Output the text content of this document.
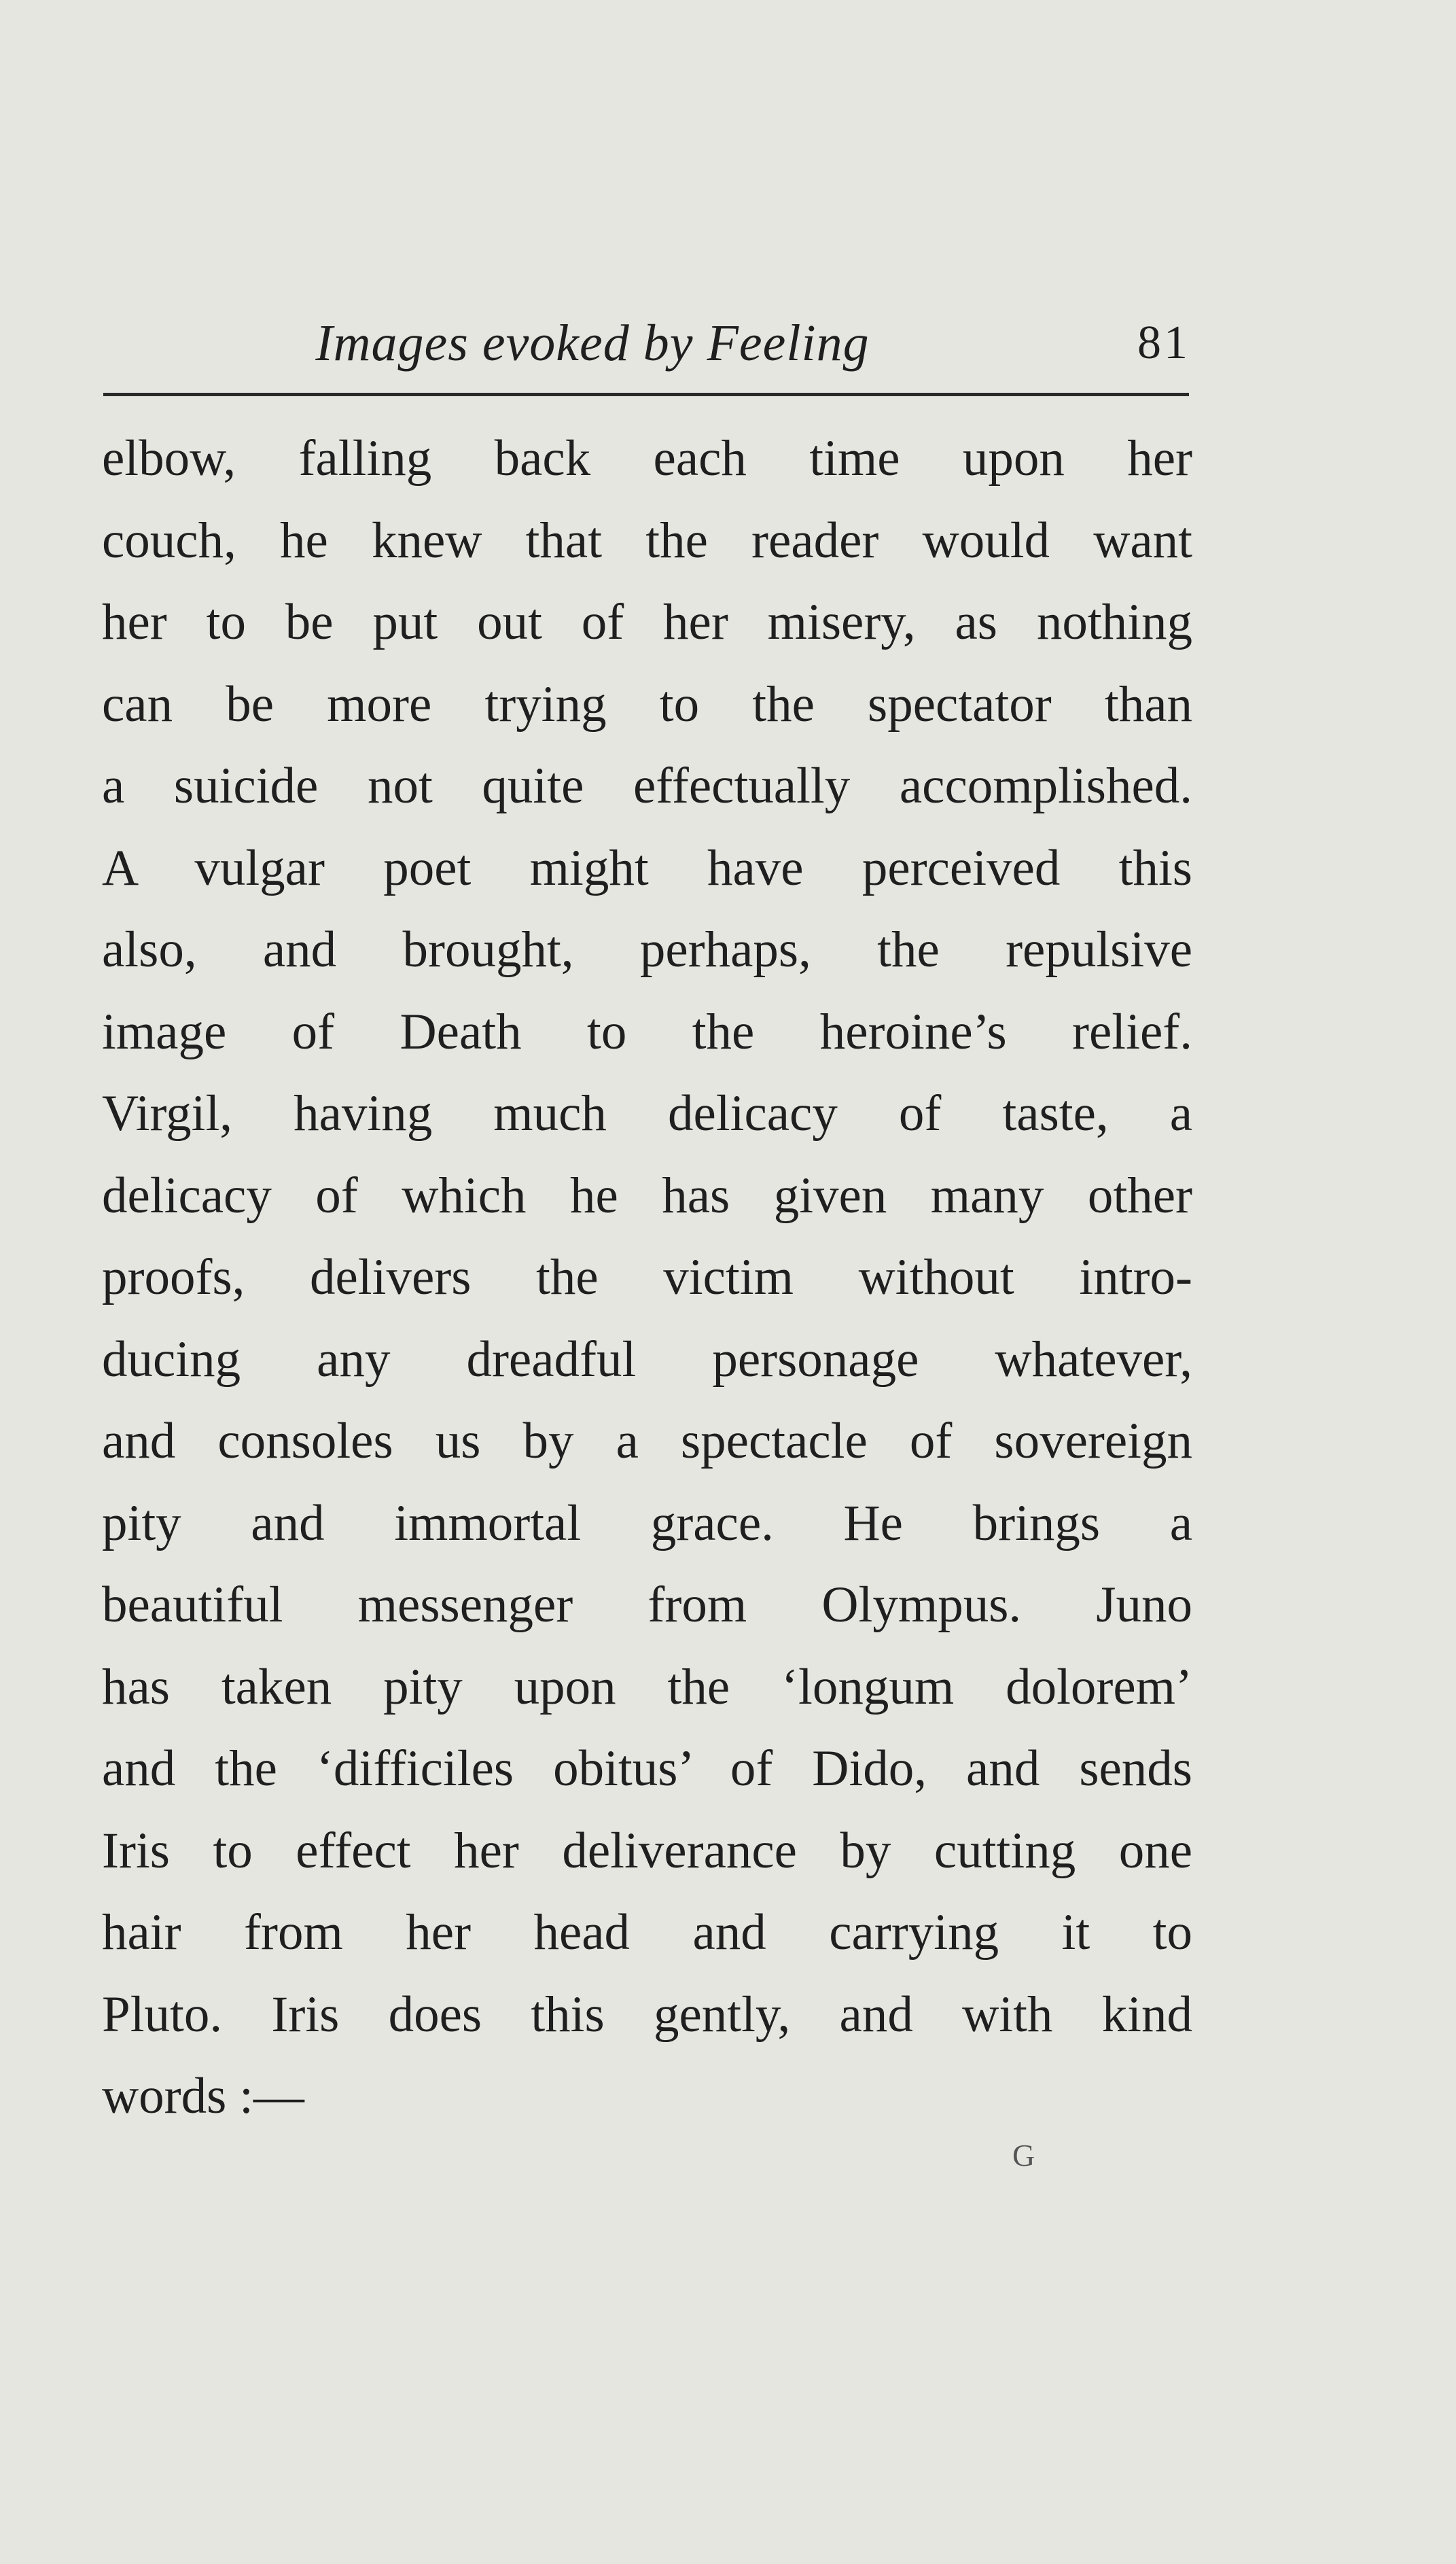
Images evoked by Feeling	81
elbow, falling back each time upon her
couch, he knew that the reader would want
her to be put out of her misery, as nothing
can be more trying to the spectator than
a suicide not quite effectually accomplished.
A vulgar poet might have perceived this
also, and brought, perhaps, the repulsive
image of Death to the heroine’s relief.
Virgil, having much delicacy of taste, a
delicacy of which he has given many other
proofs, delivers the victim without intro-
ducing any dreadful personage whatever,
and consoles us by a spectacle of sovereign
pity and immortal grace. He brings a
beautiful messenger from Olympus. Juno
has taken pity upon the ‘longum dolorem’
and the ‘difficiles obitus’ of Dido, and sends
Iris to effect her deliverance by cutting one
hair from her head and carrying it to
Pluto. Iris does this gently, and with kind
words :—
G
